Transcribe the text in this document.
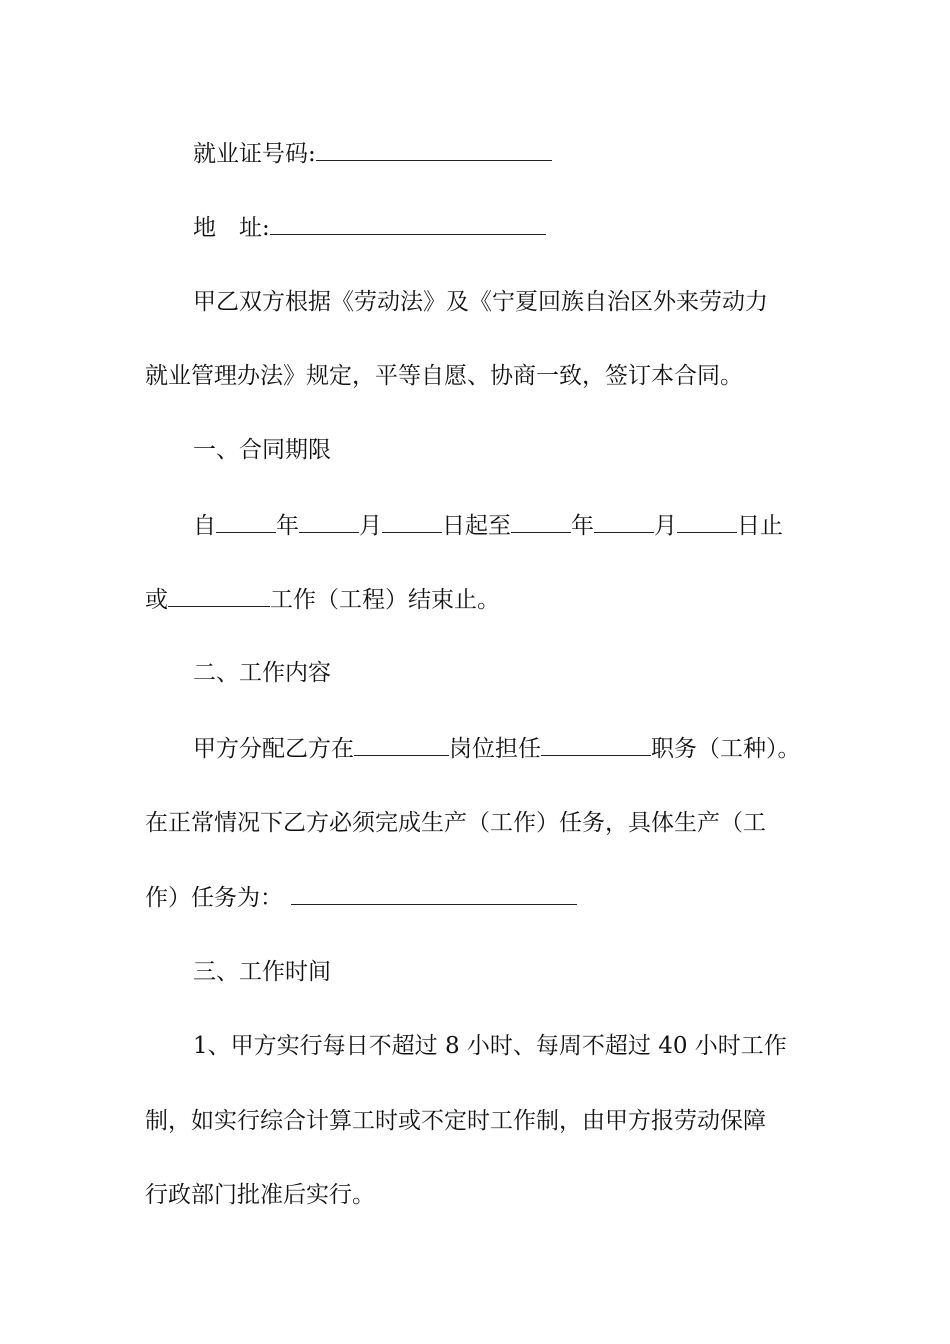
就业证号码:
地　址:
甲乙双方根据《劳动法》及《宁夏回族自治区外来劳动力
就业管理办法》规定，平等自愿、协商一致，签订本合同。
一、合同期限
自	年	月	日起至	年	月	日止
或	工作（工程）结束止。
二、工作内容
甲方分配乙方在	岗位担任	职务（工种）。
在正常情况下乙方必须完成生产（工作）任务，具体生产（工
作）任务为：
三、工作时间
1、甲方实行每日不超过 8 小时、每周不超过 40 小时工作
制，如实行综合计算工时或不定时工作制，由甲方报劳动保障
行政部门批准后实行。
